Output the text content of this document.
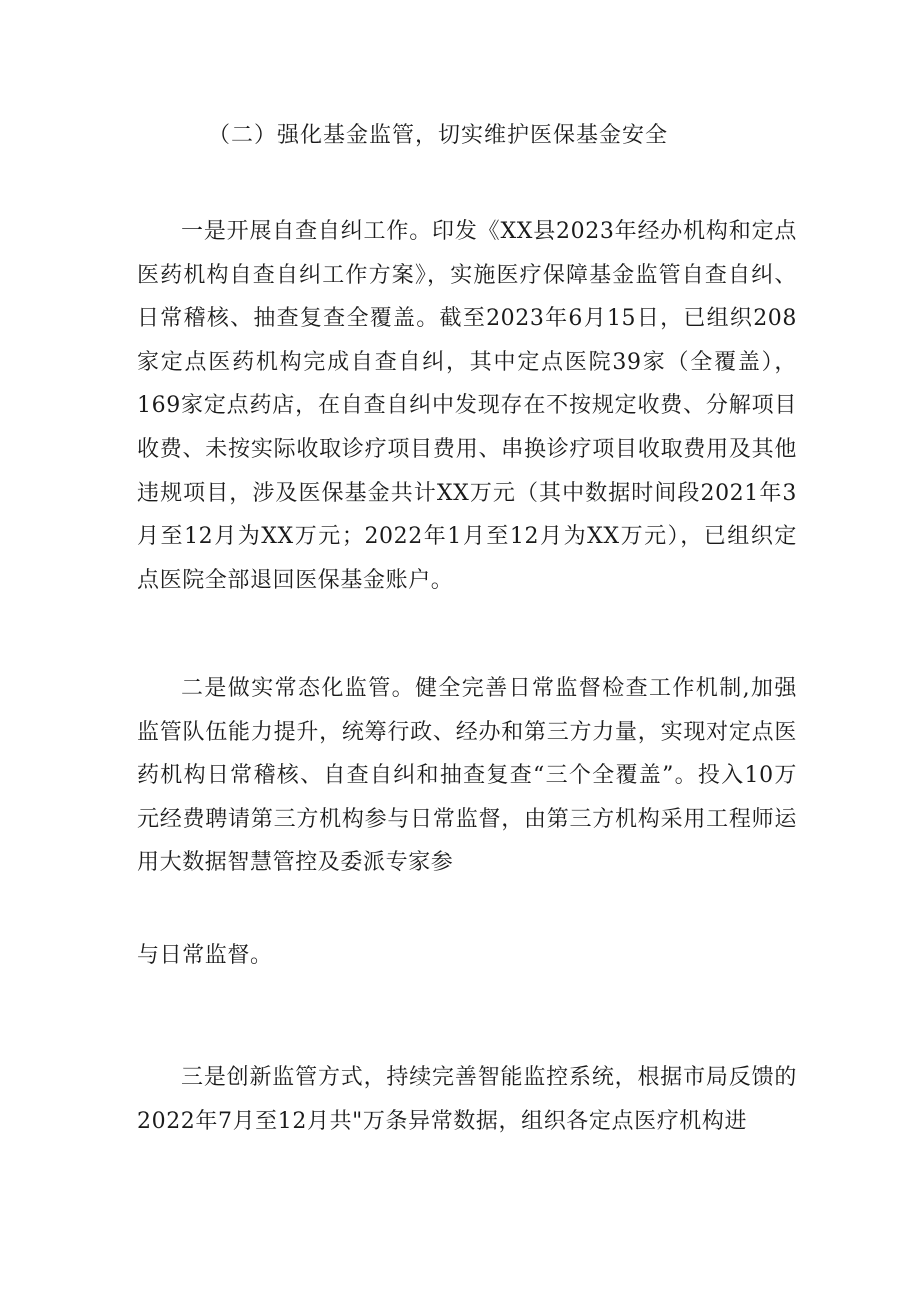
（二）强化基金监管，切实维护医保基金安全

一是开展自查自纠工作。印发《XX县2023年经办机构和定点医药机构自查自纠工作方案》，实施医疗保障基金监管自查自纠、日常稽核、抽查复查全覆盖。截至2023年6月15日，已组织208家定点医药机构完成自查自纠，其中定点医院39家（全覆盖），169家定点药店，在自查自纠中发现存在不按规定收费、分解项目收费、未按实际收取诊疗项目费用、串换诊疗项目收取费用及其他违规项目，涉及医保基金共计XX万元（其中数据时间段2021年3月至12月为XX万元；2022年1月至12月为XX万元），已组织定点医院全部退回医保基金账户。

二是做实常态化监管。健全完善日常监督检查工作机制,加强监管队伍能力提升，统筹行政、经办和第三方力量，实现对定点医药机构日常稽核、自查自纠和抽查复查“三个全覆盖”。投入10万元经费聘请第三方机构参与日常监督，由第三方机构采用工程师运用大数据智慧管控及委派专家参

与日常监督。

三是创新监管方式，持续完善智能监控系统，根据市局反馈的2022年7月至12月共"万条异常数据，组织各定点医疗机构进
